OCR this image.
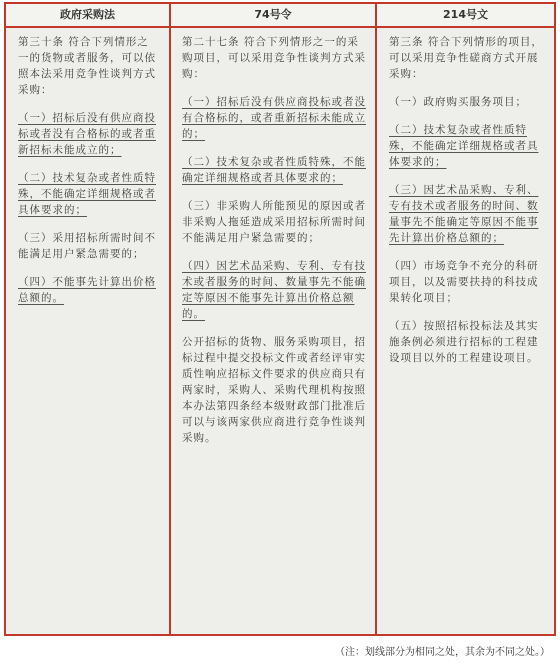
政府采购法	74号令	214号文

第三十条 符合下列情形之一的货物或者服务，可以依照本法采用竞争性谈判方式采购：

（一）招标后没有供应商投标或者没有合格标的或者重新招标未能成立的；

（二）技术复杂或者性质特殊，不能确定详细规格或者具体要求的；

（三）采用招标所需时间不能满足用户紧急需要的；

（四）不能事先计算出价格总额的。

第二十七条 符合下列情形之一的采购项目，可以采用竞争性谈判方式采购：

（一）招标后没有供应商投标或者没有合格标的，或者重新招标未能成立的；

（二）技术复杂或者性质特殊，不能确定详细规格或者具体要求的；

（三）非采购人所能预见的原因或者非采购人拖延造成采用招标所需时间不能满足用户紧急需要的；

（四）因艺术品采购、专利、专有技术或者服务的时间、数量事先不能确定等原因不能事先计算出价格总额的。

公开招标的货物、服务采购项目，招标过程中提交投标文件或者经评审实质性响应招标文件要求的供应商只有两家时，采购人、采购代理机构按照本办法第四条经本级财政部门批准后可以与该两家供应商进行竞争性谈判采购。

第三条 符合下列情形的项目，可以采用竞争性磋商方式开展采购：

（一）政府购买服务项目；

（二）技术复杂或者性质特殊，不能确定详细规格或者具体要求的；

（三）因艺术品采购、专利、专有技术或者服务的时间、数量事先不能确定等原因不能事先计算出价格总额的；

（四）市场竞争不充分的科研项目，以及需要扶持的科技成果转化项目；

（五）按照招标投标法及其实施条例必须进行招标的工程建设项目以外的工程建设项目。

（注：划线部分为相同之处，其余为不同之处。）
